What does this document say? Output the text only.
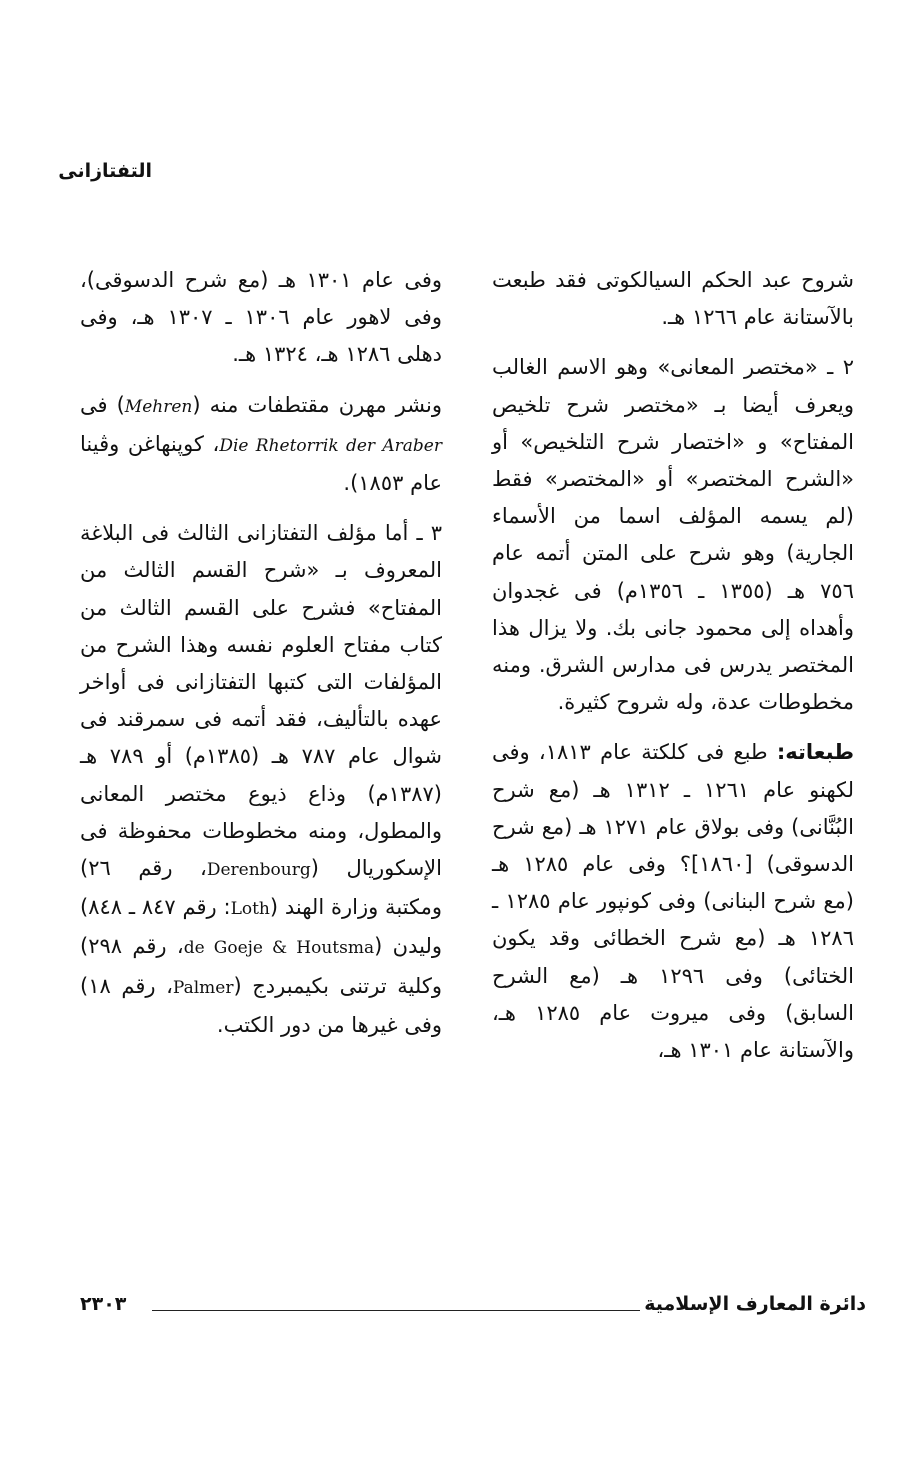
التفتازانى

شروح عبد الحكم السيالكوتى فقد طبعت بالآستانة عام ١٢٦٦ هـ.

٢ ـ «مختصر المعانى» وهو الاسم الغالب ويعرف أيضا بـ «مختصر شرح تلخيص المفتاح» و «اختصار شرح التلخيص» أو «الشرح المختصر» أو «المختصر» فقط (لم يسمه المؤلف اسما من الأسماء الجارية) وهو شرح على المتن أتمه عام ٧٥٦ هـ (١٣٥٥ ـ ١٣٥٦م) فى غجدوان وأهداه إلى محمود جانى بك. ولا يزال هذا المختصر يدرس فى مدارس الشرق. ومنه مخطوطات عدة، وله شروح كثيرة.

طبعاته: طبع فى كلكتة عام ١٨١٣، وفى لكهنو عام ١٢٦١ ـ ١٣١٢ هـ (مع شرح البُنَّانى) وفى بولاق عام ١٢٧١ هـ (مع شرح الدسوقى) [١٨٦٠]؟ وفى عام ١٢٨٥ هـ (مع شرح البنانى) وفى كونپور عام ١٢٨٥ ـ ١٢٨٦ هـ (مع شرح الخطائى وقد يكون الختائى) وفى ١٢٩٦ هـ (مع الشرح السابق) وفى ميروت عام ١٢٨٥ هـ، والآستانة عام ١٣٠١ هـ،

وفى عام ١٣٠١ هـ (مع شرح الدسوقى)، وفى لاهور عام ١٣٠٦ ـ ١٣٠٧ هـ، وفى دهلى ١٢٨٦ هـ، ١٣٢٤ هـ.

ونشر مهرن مقتطفات منه (Mehren) فى Die Rhetorrik der Araber، كوپنهاغن وڤينا عام ١٨٥٣).

٣ ـ أما مؤلف التفتازانى الثالث فى البلاغة المعروف بـ «شرح القسم الثالث من المفتاح» فشرح على القسم الثالث من كتاب مفتاح العلوم نفسه وهذا الشرح من المؤلفات التى كتبها التفتازانى فى أواخر عهده بالتأليف، فقد أتمه فى سمرقند فى شوال عام ٧٨٧ هـ (١٣٨٥م) أو ٧٨٩ هـ (١٣٨٧م) وذاع ذيوع مختصر المعانى والمطول، ومنه مخطوطات محفوظة فى الإسكوريال (Derenbourg، رقم ٢٦) ومكتبة وزارة الهند (Loth: رقم ٨٤٧ ـ ٨٤٨) وليدن (de Goeje & Houtsma، رقم ٢٩٨) وكلية ترتنى بكيمبردج (Palmer، رقم ١٨) وفى غيرها من دور الكتب.

دائرة المعارف الإسلامية
٢٣٠٣
